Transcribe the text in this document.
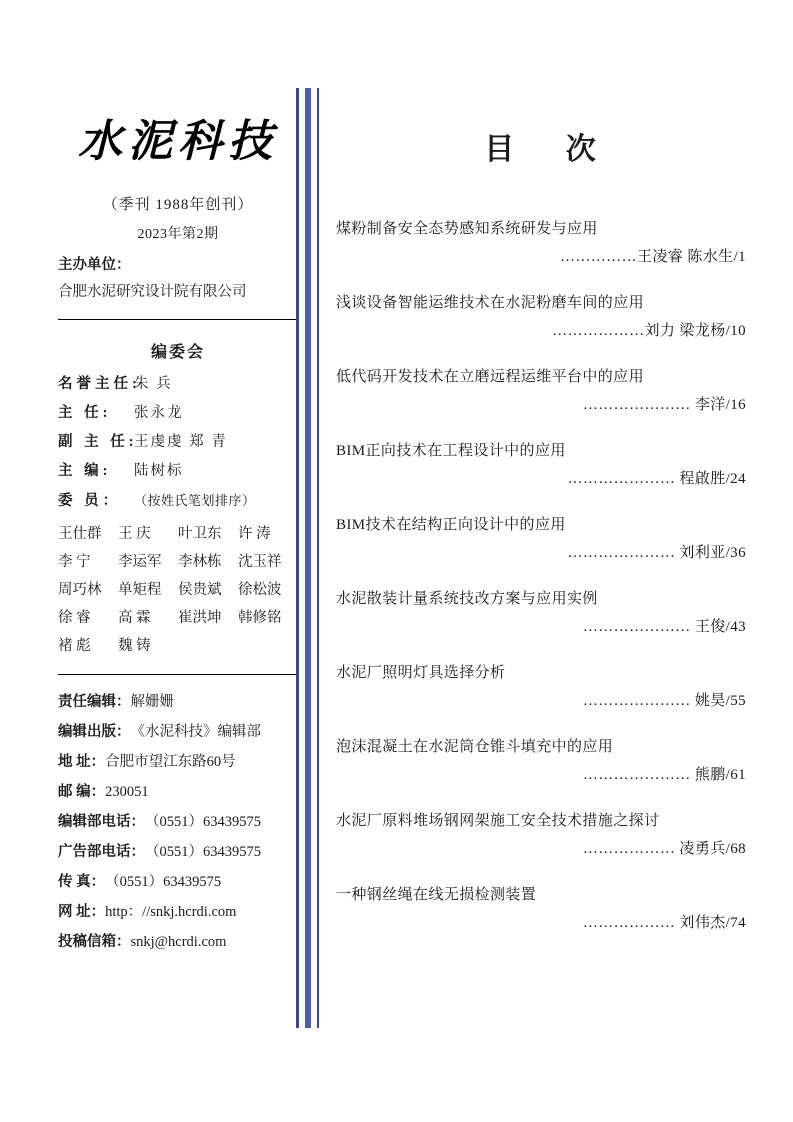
水泥科技
（季刊 1988年创刊）
2023年第2期
主办单位：
合肥水泥研究设计院有限公司
编委会
名誉主任:朱 兵
主 任: 张永龙
副 主 任:王虔虔 郑 青
主 编: 陆树标
委 员： （按姓氏笔划排序）
王仕群	王 庆	叶卫东	许 涛
李 宁	李运军	李林栋	沈玉祥
周巧林	单矩程	侯贵斌	徐松波
徐 睿	高 霖	崔洪坤	韩修铭
褚 彪	魏 铸
责任编辑：解姗姗
编辑出版：《水泥科技》编辑部
地 址：合肥市望江东路60号
邮 编：230051
编辑部电话：（0551）63439575
广告部电话：（0551）63439575
传 真：（0551）63439575
网 址：http：//snkj.hcrdi.com
投稿信箱：snkj@hcrdi.com
目 次
煤粉制备安全态势感知系统研发与应用
……………王凌睿 陈水生/1
浅谈设备智能运维技术在水泥粉磨车间的应用
………………刘力 梁龙杨/10
低代码开发技术在立磨远程运维平台中的应用
………………… 李洋/16
BIM正向技术在工程设计中的应用
………………… 程啟胜/24
BIM技术在结构正向设计中的应用
………………… 刘利亚/36
水泥散装计量系统技改方案与应用实例
………………… 王俊/43
水泥厂照明灯具选择分析
………………… 姚昊/55
泡沫混凝土在水泥筒仓锥斗填充中的应用
………………… 熊鹏/61
水泥厂原料堆场钢网架施工安全技术措施之探讨
……………… 凌勇兵/68
一种钢丝绳在线无损检测装置
……………… 刘伟杰/74
